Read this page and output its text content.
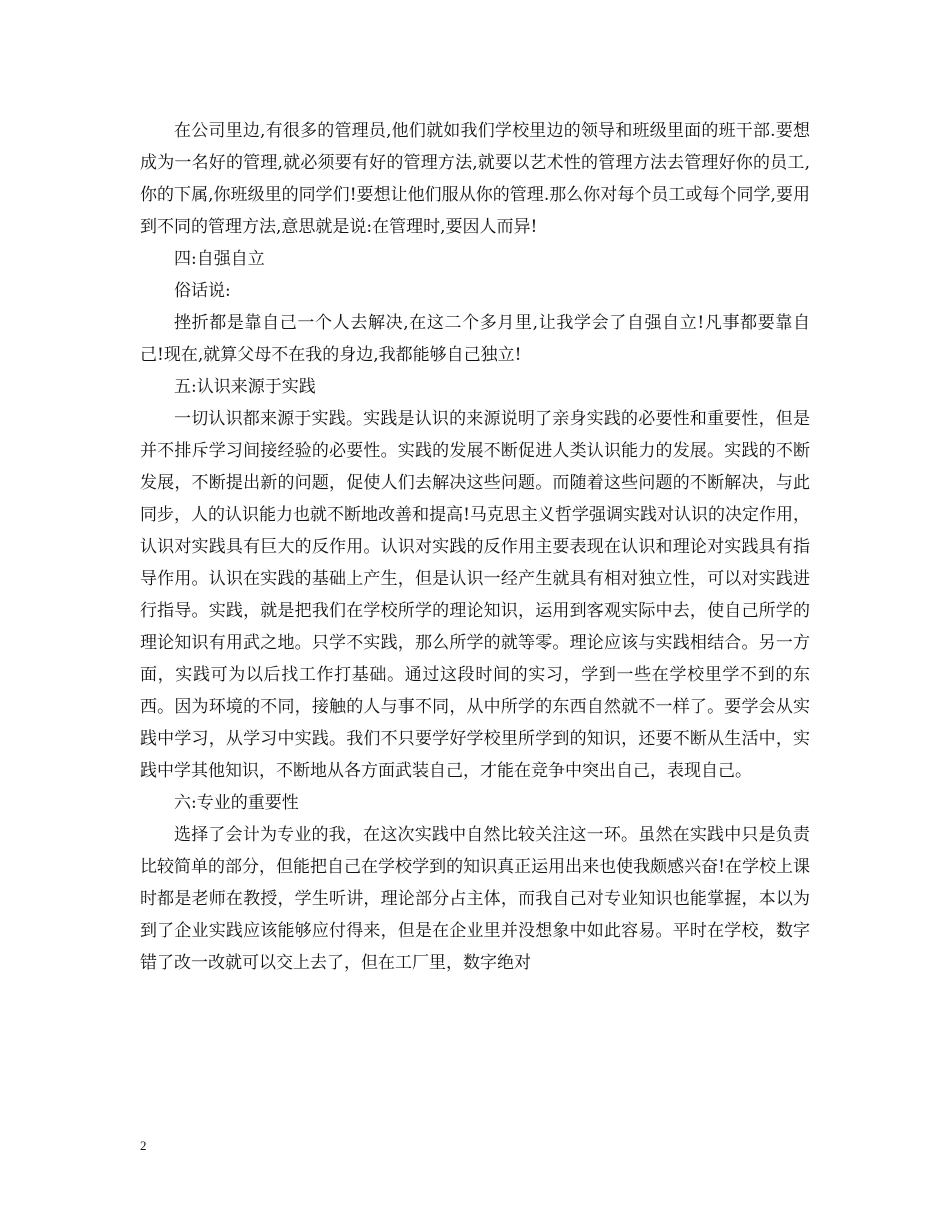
在公司里边,有很多的管理员,他们就如我们学校里边的领导和班级里面的班干部.要想成为一名好的管理,就必须要有好的管理方法,就要以艺术性的管理方法去管理好你的员工,你的下属,你班级里的同学们!要想让他们服从你的管理.那么你对每个员工或每个同学,要用到不同的管理方法,意思就是说:在管理时,要因人而异!

四:自强自立

俗话说:

挫折都是靠自己一个人去解决,在这二个多月里,让我学会了自强自立!凡事都要靠自己!现在,就算父母不在我的身边,我都能够自己独立!

五:认识来源于实践

一切认识都来源于实践。实践是认识的来源说明了亲身实践的必要性和重要性，但是并不排斥学习间接经验的必要性。实践的发展不断促进人类认识能力的发展。实践的不断发展，不断提出新的问题，促使人们去解决这些问题。而随着这些问题的不断解决，与此同步，人的认识能力也就不断地改善和提高!马克思主义哲学强调实践对认识的决定作用，认识对实践具有巨大的反作用。认识对实践的反作用主要表现在认识和理论对实践具有指导作用。认识在实践的基础上产生，但是认识一经产生就具有相对独立性，可以对实践进行指导。实践，就是把我们在学校所学的理论知识，运用到客观实际中去，使自己所学的理论知识有用武之地。只学不实践，那么所学的就等零。理论应该与实践相结合。另一方面，实践可为以后找工作打基础。通过这段时间的实习，学到一些在学校里学不到的东西。因为环境的不同，接触的人与事不同，从中所学的东西自然就不一样了。要学会从实践中学习，从学习中实践。我们不只要学好学校里所学到的知识，还要不断从生活中，实践中学其他知识，不断地从各方面武装自己，才能在竞争中突出自己，表现自己。

六:专业的重要性

选择了会计为专业的我，在这次实践中自然比较关注这一环。虽然在实践中只是负责比较简单的部分，但能把自己在学校学到的知识真正运用出来也使我颇感兴奋!在学校上课时都是老师在教授，学生听讲，理论部分占主体，而我自己对专业知识也能掌握，本以为到了企业实践应该能够应付得来，但是在企业里并没想象中如此容易。平时在学校，数字错了改一改就可以交上去了，但在工厂里，数字绝对

2
